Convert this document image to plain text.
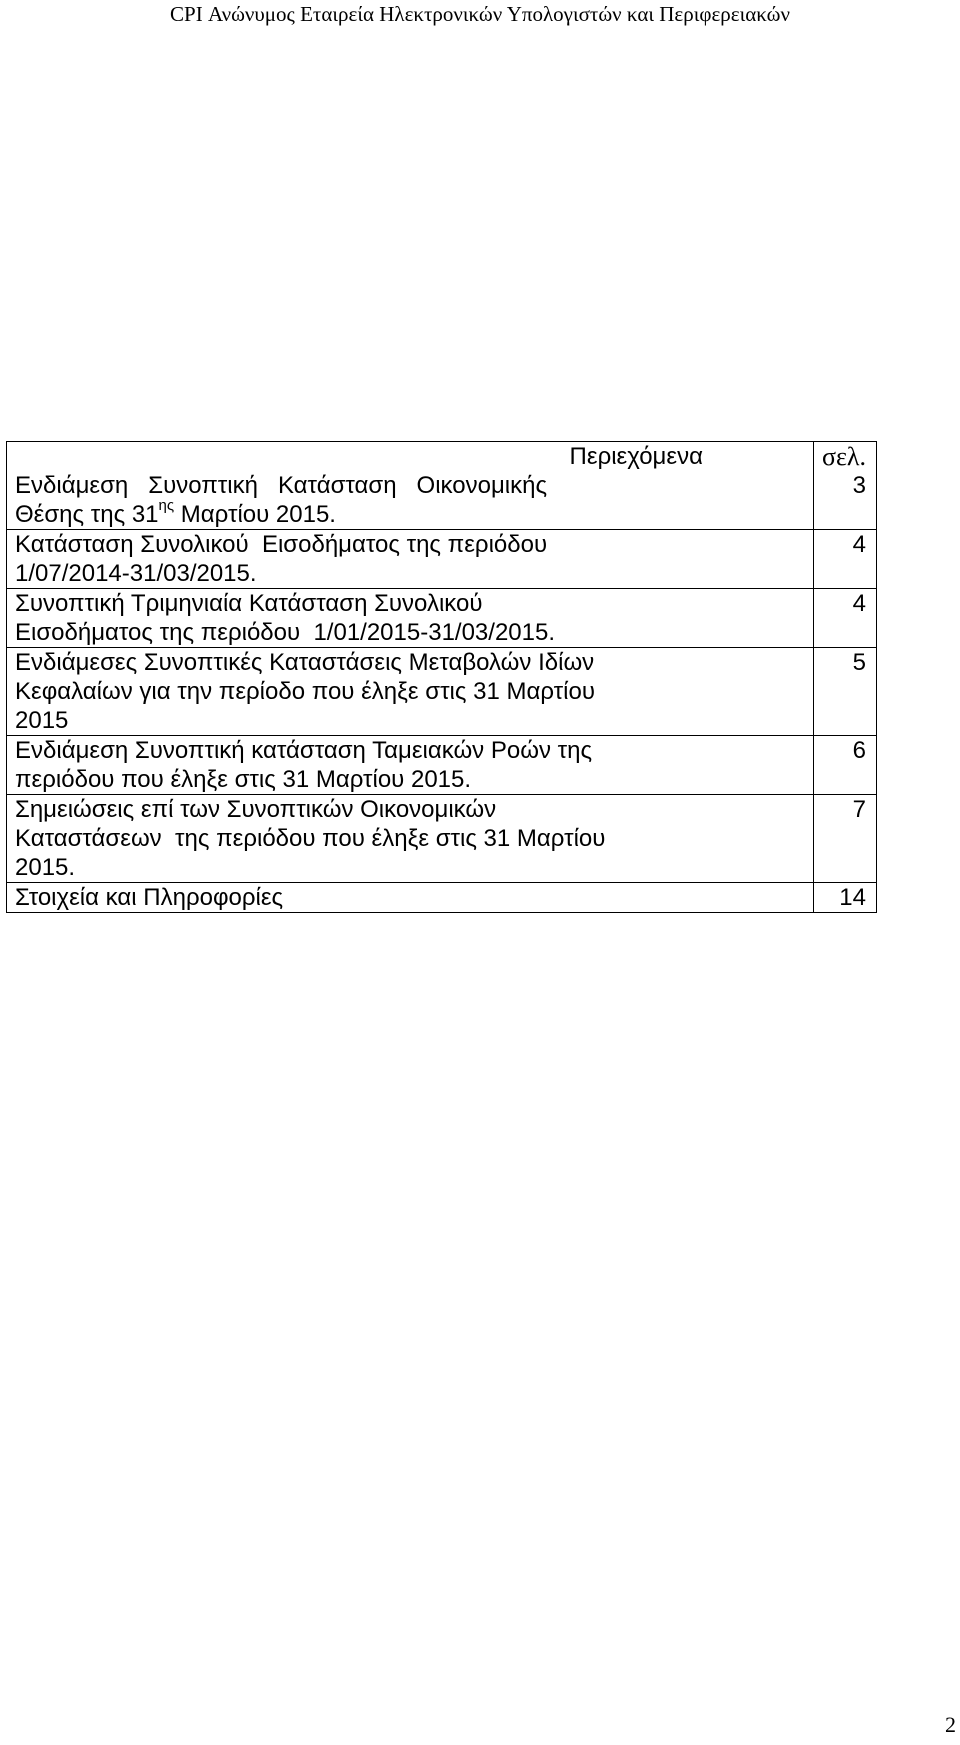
CPI Ανώνυμος Εταιρεία Ηλεκτρονικών Υπολογιστών και Περιφερειακών
Περιεχόμενα	σελ.
Ενδιάμεση   Συνοπτική   Κατάσταση   Οικονομικής
Θέσης της $31^{\eta\varsigma}$ Μαρτίου 2015.	3
Κατάσταση Συνολικού  Εισοδήματος της περιόδου
1/07/2014-31/03/2015.	4
Συνοπτική Τριμηνιαία Κατάσταση Συνολικού
Εισοδήματος της περιόδου  1/01/2015-31/03/2015.	4
Ενδιάμεσες Συνοπτικές Καταστάσεις Μεταβολών Ιδίων
Κεφαλαίων για την περίοδο που έληξε στις 31 Μαρτίου
2015	5
Ενδιάμεση Συνοπτική κατάσταση Ταμειακών Ροών της
περιόδου που έληξε στις 31 Μαρτίου 2015.	6
Σημειώσεις επί των Συνοπτικών Οικονομικών
Καταστάσεων  της περιόδου που έληξε στις 31 Μαρτίου
2015.	7
Στοιχεία και Πληροφορίες	14
2
